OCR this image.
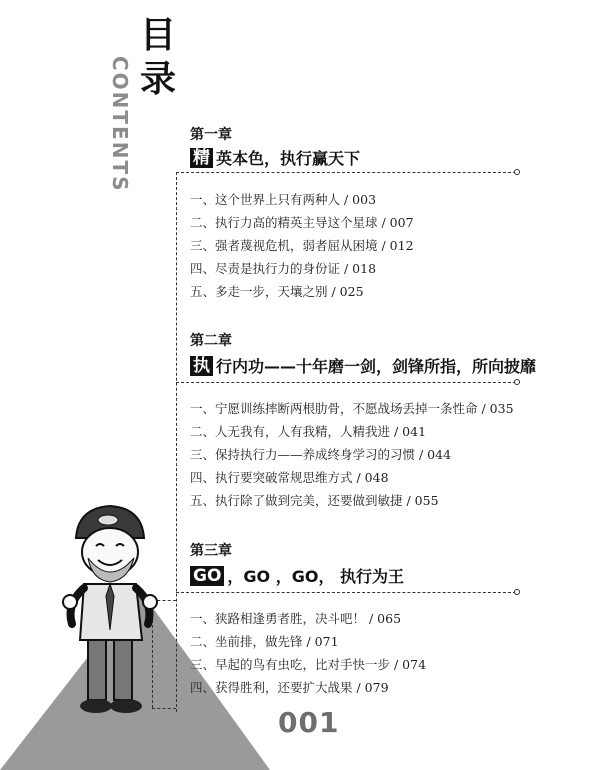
目
录
CONTENTS	第一章
精 英本色，执行赢天下
一、这个世界上只有两种人 / 003
二、执行力高的精英主导这个星球 / 007
三、强者蔑视危机，弱者屈从困境 / 012
四、尽责是执行力的身份证 / 018
五、多走一步，天壤之别 / 025
第二章
执 行内功——十年磨一剑，剑锋所指，所向披靡
一、宁愿训练摔断两根肋骨，不愿战场丢掉一条性命 / 035
二、人无我有，人有我精，人精我进 / 041
三、保持执行力——养成终身学习的习惯 / 044
四、执行要突破常规思维方式 / 048
五、执行除了做到完美，还要做到敏捷 / 055
第三章
GO ，GO ，GO， 执行为王
一、狭路相逢勇者胜，决斗吧！ / 065
二、坐前排，做先锋 / 071
三、早起的鸟有虫吃，比对手快一步 / 074
四、获得胜利，还要扩大战果 / 079
001
